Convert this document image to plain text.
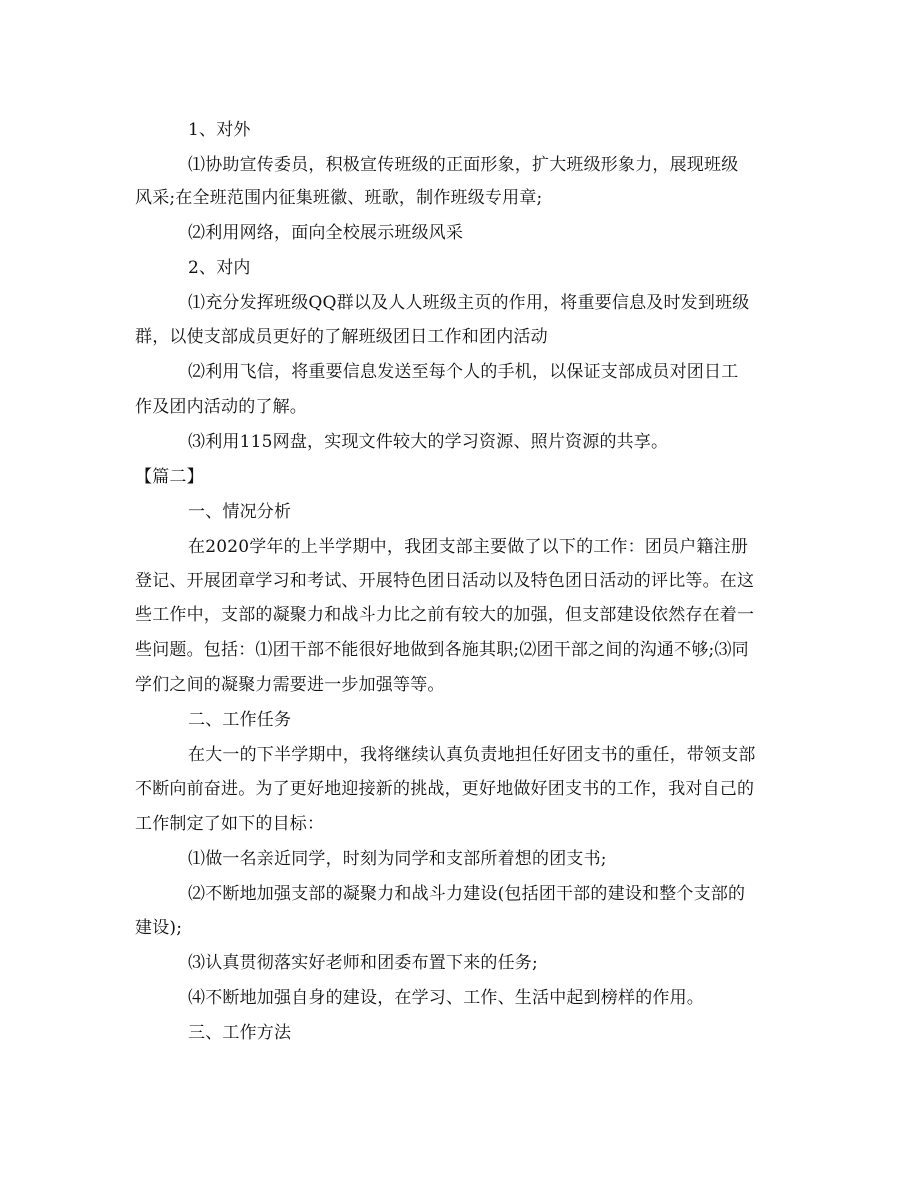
1、对外
⑴协助宣传委员，积极宣传班级的正面形象，扩大班级形象力，展现班级
风采;在全班范围内征集班徽、班歌，制作班级专用章;
⑵利用网络，面向全校展示班级风采
2、对内
⑴充分发挥班级QQ群以及人人班级主页的作用，将重要信息及时发到班级
群，以使支部成员更好的了解班级团日工作和团内活动
⑵利用飞信，将重要信息发送至每个人的手机，以保证支部成员对团日工
作及团内活动的了解。
⑶利用115网盘，实现文件较大的学习资源、照片资源的共享。
【篇二】
一、情况分析
在2020学年的上半学期中，我团支部主要做了以下的工作：团员户籍注册
登记、开展团章学习和考试、开展特色团日活动以及特色团日活动的评比等。在这
些工作中，支部的凝聚力和战斗力比之前有较大的加强，但支部建设依然存在着一
些问题。包括：⑴团干部不能很好地做到各施其职;⑵团干部之间的沟通不够;⑶同
学们之间的凝聚力需要进一步加强等等。
二、工作任务
在大一的下半学期中，我将继续认真负责地担任好团支书的重任，带领支部
不断向前奋进。为了更好地迎接新的挑战，更好地做好团支书的工作，我对自己的
工作制定了如下的目标：
⑴做一名亲近同学，时刻为同学和支部所着想的团支书;
⑵不断地加强支部的凝聚力和战斗力建设(包括团干部的建设和整个支部的
建设);
⑶认真贯彻落实好老师和团委布置下来的任务;
⑷不断地加强自身的建设，在学习、工作、生活中起到榜样的作用。
三、工作方法
